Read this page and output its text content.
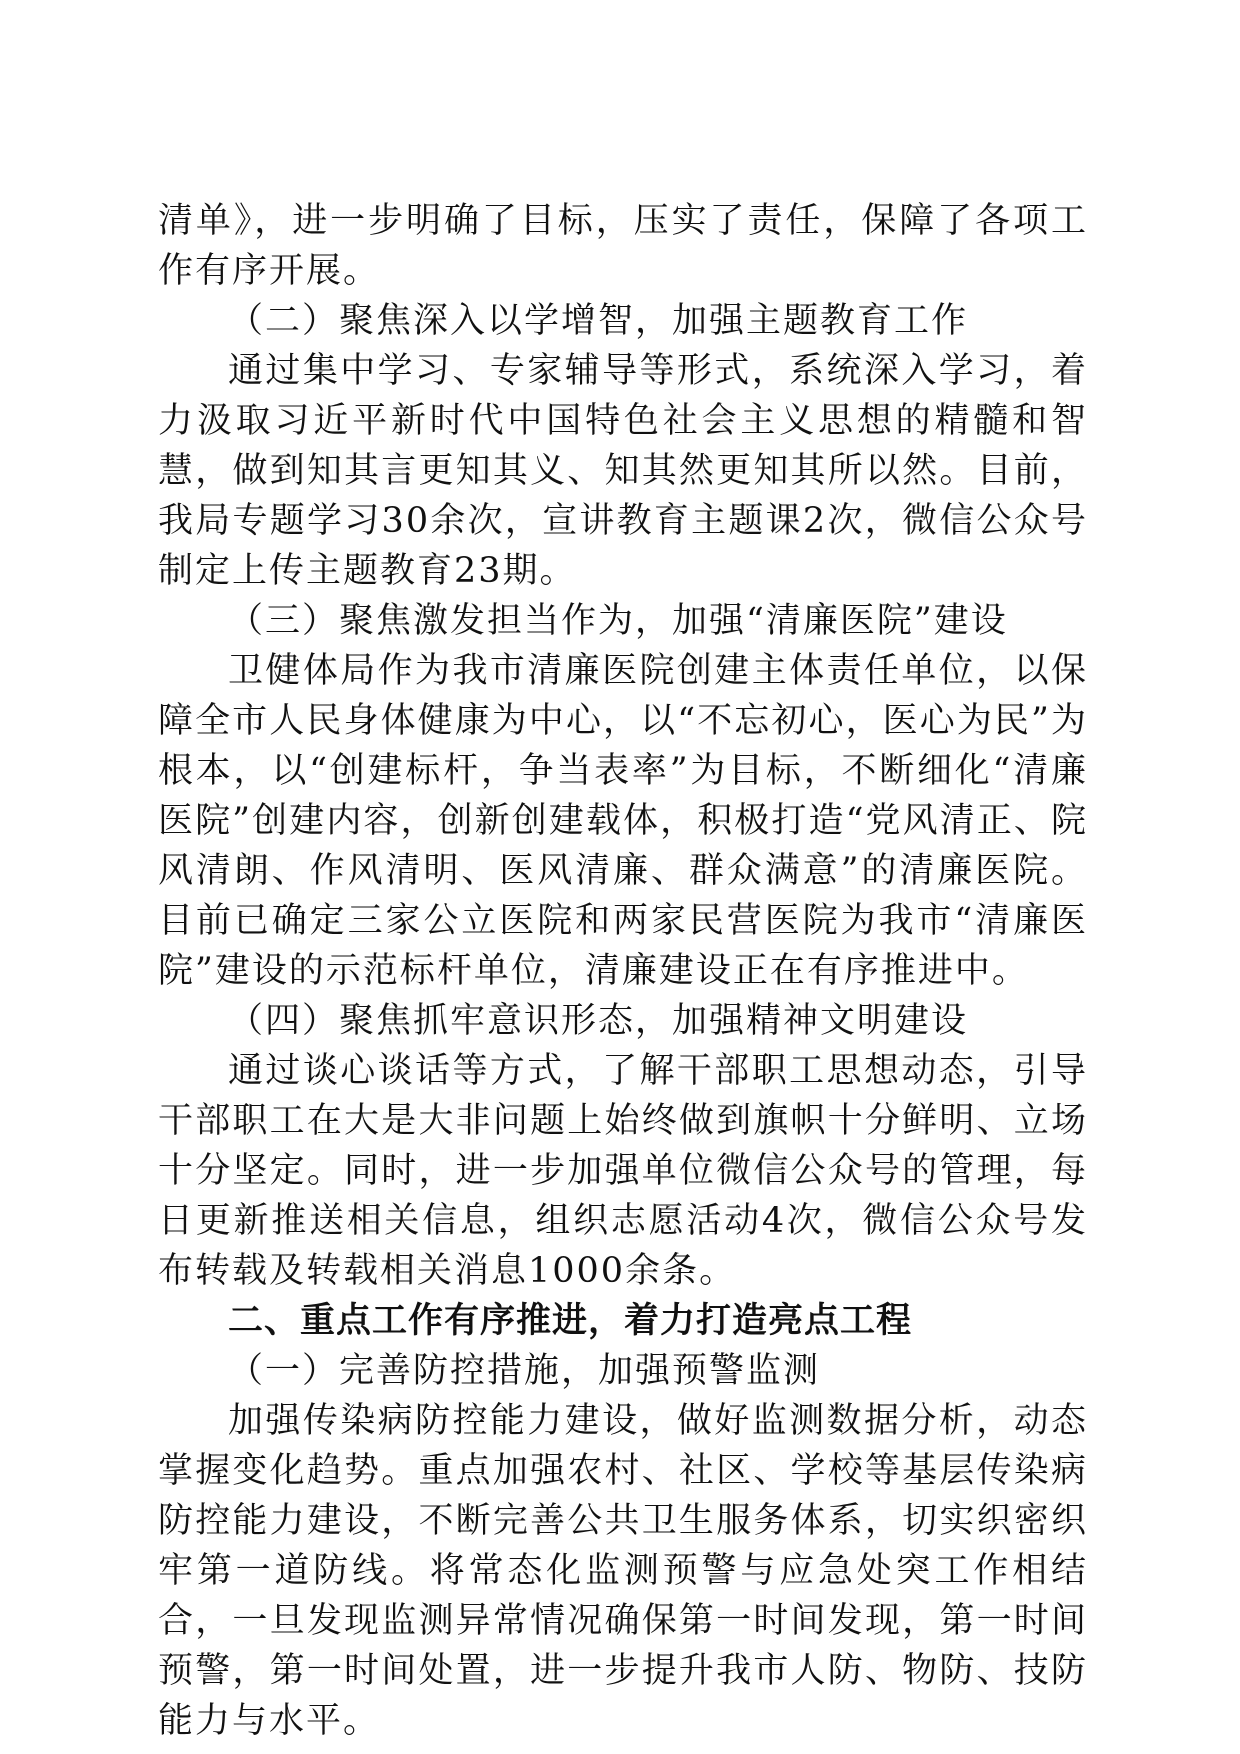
清单》，进一步明确了目标，压实了责任，保障了各项工作有序开展。

（二）聚焦深入以学增智，加强主题教育工作

通过集中学习、专家辅导等形式，系统深入学习，着力汲取习近平新时代中国特色社会主义思想的精髓和智慧，做到知其言更知其义、知其然更知其所以然。目前，我局专题学习30余次，宣讲教育主题课2次，微信公众号制定上传主题教育23期。

（三）聚焦激发担当作为，加强“清廉医院”建设

卫健体局作为我市清廉医院创建主体责任单位，以保障全市人民身体健康为中心，以“不忘初心，医心为民”为根本，以“创建标杆，争当表率”为目标，不断细化“清廉医院”创建内容，创新创建载体，积极打造“党风清正、院风清朗、作风清明、医风清廉、群众满意”的清廉医院。目前已确定三家公立医院和两家民营医院为我市“清廉医院”建设的示范标杆单位，清廉建设正在有序推进中。

（四）聚焦抓牢意识形态，加强精神文明建设

通过谈心谈话等方式，了解干部职工思想动态，引导干部职工在大是大非问题上始终做到旗帜十分鲜明、立场十分坚定。同时，进一步加强单位微信公众号的管理，每日更新推送相关信息，组织志愿活动4次，微信公众号发布转载及转载相关消息1000余条。

二、重点工作有序推进，着力打造亮点工程

（一）完善防控措施，加强预警监测

加强传染病防控能力建设，做好监测数据分析，动态掌握变化趋势。重点加强农村、社区、学校等基层传染病防控能力建设，不断完善公共卫生服务体系，切实织密织牢第一道防线。将常态化监测预警与应急处突工作相结合，一旦发现监测异常情况确保第一时间发现，第一时间预警，第一时间处置，进一步提升我市人防、物防、技防能力与水平。
